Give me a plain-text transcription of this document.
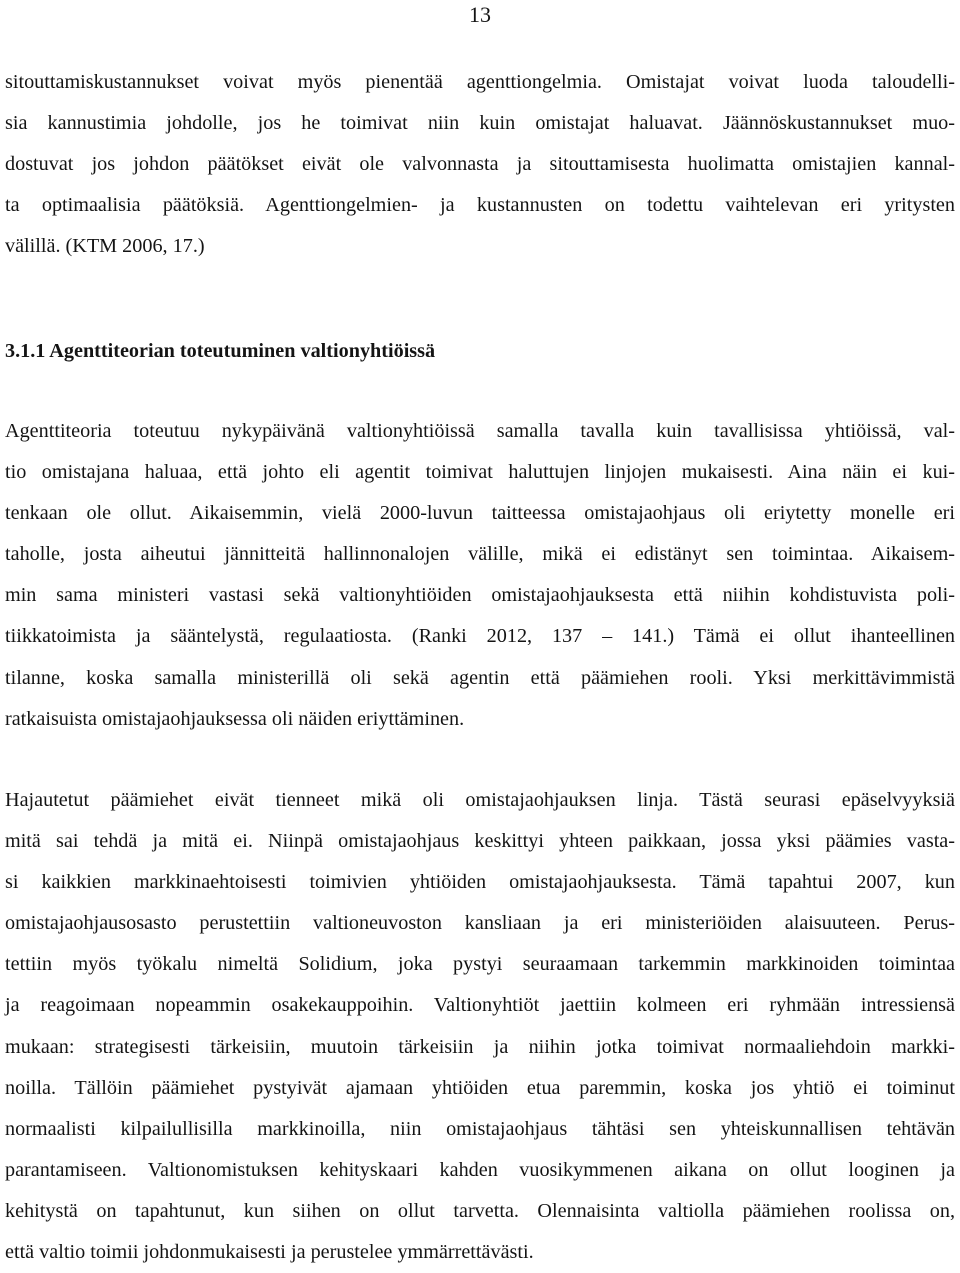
13
sitouttamiskustannukset voivat myös pienentää agenttiongelmia. Omistajat voivat luoda taloudelli-
sia kannustimia johdolle, jos he toimivat niin kuin omistajat haluavat. Jäännöskustannukset muo-
dostuvat jos johdon päätökset eivät ole valvonnasta ja sitouttamisesta huolimatta omistajien kannal-
ta optimaalisia päätöksiä. Agenttiongelmien- ja kustannusten on todettu vaihtelevan eri yritysten
välillä. (KTM 2006, 17.)
3.1.1 Agenttiteorian toteutuminen valtionyhtiöissä
Agenttiteoria toteutuu nykypäivänä valtionyhtiöissä samalla tavalla kuin tavallisissa yhtiöissä, val-
tio omistajana haluaa, että johto eli agentit toimivat haluttujen linjojen mukaisesti. Aina näin ei kui-
tenkaan ole ollut. Aikaisemmin, vielä 2000-luvun taitteessa omistajaohjaus oli eriytetty monelle eri
taholle, josta aiheutui jännitteitä hallinnonalojen välille, mikä ei edistänyt sen toimintaa. Aikaisem-
min sama ministeri vastasi sekä valtionyhtiöiden omistajaohjauksesta että niihin kohdistuvista poli-
tiikkatoimista ja sääntelystä, regulaatiosta. (Ranki 2012, 137 – 141.) Tämä ei ollut ihanteellinen
tilanne, koska samalla ministerillä oli sekä agentin että päämiehen rooli. Yksi merkittävimmistä
ratkaisuista omistajaohjauksessa oli näiden eriyttäminen.
Hajautetut päämiehet eivät tienneet mikä oli omistajaohjauksen linja. Tästä seurasi epäselvyyksiä
mitä sai tehdä ja mitä ei. Niinpä omistajaohjaus keskittyi yhteen paikkaan, jossa yksi päämies vasta-
si kaikkien markkinaehtoisesti toimivien yhtiöiden omistajaohjauksesta. Tämä tapahtui 2007, kun
omistajaohjausosasto perustettiin valtioneuvoston kansliaan ja eri ministeriöiden alaisuuteen. Perus-
tettiin myös työkalu nimeltä Solidium, joka pystyi seuraamaan tarkemmin markkinoiden toimintaa
ja reagoimaan nopeammin osakekauppoihin. Valtionyhtiöt jaettiin kolmeen eri ryhmään intressiensä
mukaan: strategisesti tärkeisiin, muutoin tärkeisiin ja niihin jotka toimivat normaaliehdoin markki-
noilla. Tällöin päämiehet pystyivät ajamaan yhtiöiden etua paremmin, koska jos yhtiö ei toiminut
normaalisti kilpailullisilla markkinoilla, niin omistajaohjaus tähtäsi sen yhteiskunnallisen tehtävän
parantamiseen. Valtionomistuksen kehityskaari kahden vuosikymmenen aikana on ollut looginen ja
kehitystä on tapahtunut, kun siihen on ollut tarvetta. Olennaisinta valtiolla päämiehen roolissa on,
että valtio toimii johdonmukaisesti ja perustelee ymmärrettävästi.
